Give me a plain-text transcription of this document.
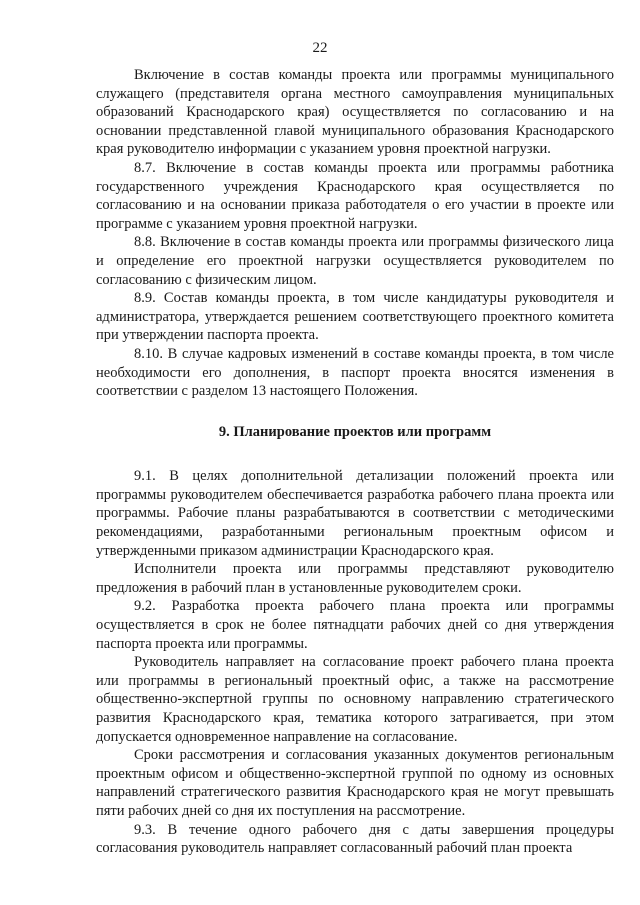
22

Включение в состав команды проекта или программы муниципального служащего (представителя органа местного самоуправления муниципальных образований Краснодарского края) осуществляется по согласованию и на основании представленной главой муниципального образования Краснодарского края руководителю информации с указанием уровня проектной нагрузки.

8.7. Включение в состав команды проекта или программы работника государственного учреждения Краснодарского края осуществляется по согласованию и на основании приказа работодателя о его участии в проекте или программе с указанием уровня проектной нагрузки.

8.8. Включение в состав команды проекта или программы физического лица и определение его проектной нагрузки осуществляется руководителем по согласованию с физическим лицом.

8.9. Состав команды проекта, в том числе кандидатуры руководителя и администратора, утверждается решением соответствующего проектного комитета при утверждении паспорта проекта.

8.10. В случае кадровых изменений в составе команды проекта, в том числе необходимости его дополнения, в паспорт проекта вносятся изменения в соответствии с разделом 13 настоящего Положения.

9. Планирование проектов или программ

9.1. В целях дополнительной детализации положений проекта или программы руководителем обеспечивается разработка рабочего плана проекта или программы. Рабочие планы разрабатываются в соответствии с методическими рекомендациями, разработанными региональным проектным офисом и утвержденными приказом администрации Краснодарского края.

Исполнители проекта или программы представляют руководителю предложения в рабочий план в установленные руководителем сроки.

9.2. Разработка проекта рабочего плана проекта или программы осуществляется в срок не более пятнадцати рабочих дней со дня утверждения паспорта проекта или программы.

Руководитель направляет на согласование проект рабочего плана проекта или программы в региональный проектный офис, а также на рассмотрение общественно-экспертной группы по основному направлению стратегического развития Краснодарского края, тематика которого затрагивается, при этом допускается одновременное направление на согласование.

Сроки рассмотрения и согласования указанных документов региональным проектным офисом и общественно-экспертной группой по одному из основных направлений стратегического развития Краснодарского края не могут превышать пяти рабочих дней со дня их поступления на рассмотрение.

9.3. В течение одного рабочего дня с даты завершения процедуры согласования руководитель направляет согласованный рабочий план проекта
